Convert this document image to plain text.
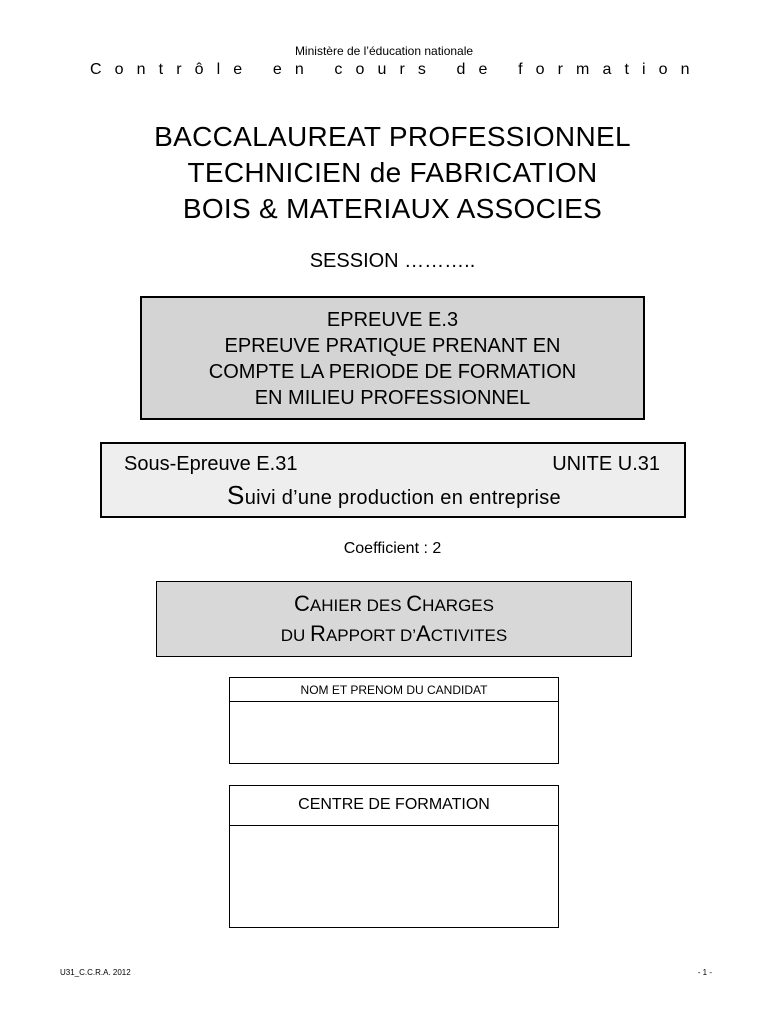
Ministère de l’éducation nationale
C o n t r ô l e
e n
c o u r s
d e
f o r m a t i o n
BACCALAUREAT PROFESSIONNEL
TECHNICIEN de FABRICATION
BOIS & MATERIAUX ASSOCIES
SESSION ………..
EPREUVE E.3
EPREUVE PRATIQUE PRENANT EN
COMPTE LA PERIODE DE FORMATION
EN MILIEU PROFESSIONNEL
Sous-Epreuve E.31	UNITE U.31
Suivi d’une production en entreprise
Coefficient : 2
CAHIER DES CHARGES
DU RAPPORT D’ACTIVITES
NOM ET PRENOM DU CANDIDAT
CENTRE DE FORMATION
U31_C.C.R.A. 2012	- 1 -
